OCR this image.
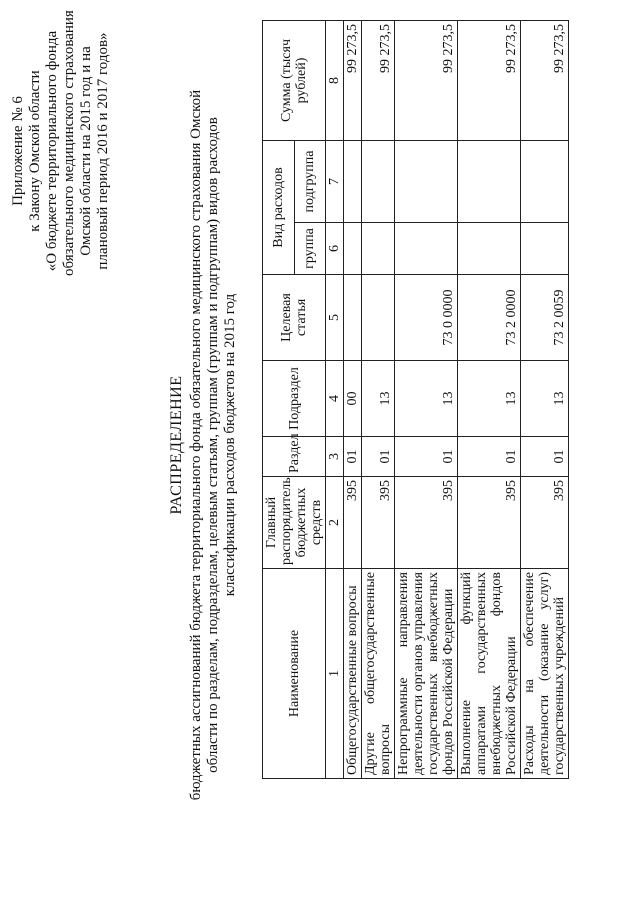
Приложение № 6 к Закону Омской области «О бюджете территориального фонда обязательного медицинского страхования Омской области на 2015 год и на плановый период 2016 и 2017 годов»
РАСПРЕДЕЛЕНИЕ бюджетных ассигнований бюджета территориального фонда обязательного медицинского страхования Омской области по разделам, подразделам, целевым статьям, группам (группам и подгруппам) видов расходов классификации расходов бюджетов на 2015 год
Наименование	Главный распорядитель бюджетных средств	Раздел	Подраздел	Целевая статья	Вид расходов		Сумма (тысяч рублей)
					группа	подгруппа	
1	2	3	4	5	6	7	8
Общегосударственные вопросы	395	01	00				99 273,5
Другие общегосударственные вопросы	395	01	13				99 273,5
Непрограммные направления деятельности органов управления государственных внебюджетных фондов Российской Федерации	395	01	13	73 0 0000			99 273,5
Выполнение функций аппаратами государственных внебюджетных фондов Российской Федерации	395	01	13	73 2 0000			99 273,5
Расходы на обеспечение деятельности (оказание услуг) государственных учреждений	395	01	13	73 2 0059			99 273,5
